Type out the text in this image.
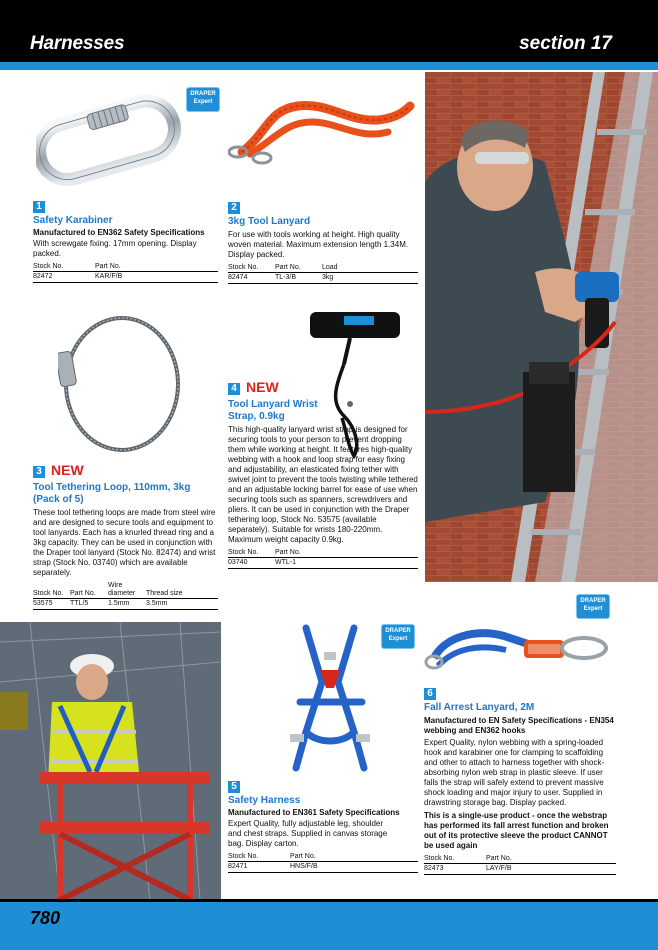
Harnesses	section 17
DRAPER
Expert
1
Safety Karabiner
Manufactured to EN362 Safety Specifications
With screwgate fixing. 17mm opening. Display packed.
Stock No.	Part No.
82472	KAR/F/B
2
3kg Tool Lanyard
For use with tools working at height. High quality woven material. Maximum extension length 1.34M. Display packed.
Stock No.	Part No.	Load
82474	TL-3/B	3kg
3 NEW
Tool Tethering Loop, 110mm, 3kg (Pack of 5)
These tool tethering loops are made from steel wire and are designed to secure tools and equipment to tool lanyards. Each has a knurled thread ring and a 3kg capacity. They can be used in conjunction with the Draper tool lanyard (Stock No. 82474) and wrist strap (Stock No. 03740) which are available separately.
Stock No.	Part No.	Wire diameter	Thread size
53575	TTL/5	1.5mm	3.5mm
4 NEW
Tool Lanyard Wrist Strap, 0.9kg
This high-quality lanyard wrist strap is designed for securing tools to your person to prevent dropping them while working at height. It features high-quality webbing with a hook and loop strap for easy fixing and adjustability, an elasticated fixing tether with swivel joint to prevent the tools twisting while tethered and an adjustable locking barrel for ease of use when securing tools such as spanners, screwdrivers and pliers. It can be used in conjunction with the Draper tethering loop, Stock No. 53575 (available separately). Suitable for wrists 180-220mm. Maximum weight capacity 0.9kg.
Stock No.	Part No.
03740	WTL-1
DRAPER
Expert
5
Safety Harness
Manufactured to EN361 Safety Specifications
Expert Quality, fully adjustable leg, shoulder and chest straps. Supplied in canvas storage bag. Display carton.
Stock No.	Part No.
82471	HNS/F/B
DRAPER
Expert
6
Fall Arrest Lanyard, 2M
Manufactured to EN Safety Specifications - EN354 webbing and EN362 hooks
Expert Quality, nylon webbing with a spring-loaded hook and karabiner one for clamping to scaffolding and other to attach to harness together with shock-absorbing nylon web strap in plastic sleeve. If user falls the strap will safely extend to prevent massive shock loading and major injury to user. Supplied in drawstring storage bag. Display packed.
This is a single-use product - once the webstrap has performed its fall arrest function and broken out of its protective sleeve the product CANNOT be used again
Stock No.	Part No.
82473	LAY/F/B
780
